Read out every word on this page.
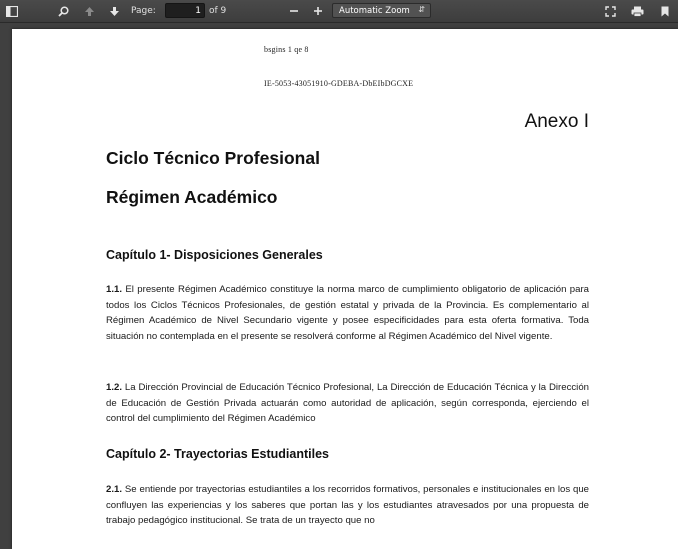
Page:
1	of 9	Automatic Zoom ⇵
bsgins 1 qe 8
IE-5053-43051910-GDEBA-DbEIbDGCXE
Anexo I
Ciclo Técnico Profesional
Régimen Académico
Capítulo 1- Disposiciones Generales
1.1. El presente Régimen Académico constituye la norma marco de cumplimiento obligatorio de aplicación para todos los Ciclos Técnicos Profesionales, de gestión estatal y privada de la Provincia. Es complementario al Régimen Académico de Nivel Secundario vigente y posee especificidades para esta oferta formativa. Toda situación no contemplada en el presente se resolverá conforme al Régimen Académico del Nivel vigente.
1.2. La Dirección Provincial de Educación Técnico Profesional, La Dirección de Educación Técnica y la Dirección de Educación de Gestión Privada actuarán como autoridad de aplicación, según corresponda, ejerciendo el control del cumplimiento del Régimen Académico
Capítulo 2- Trayectorias Estudiantiles
2.1. Se entiende por trayectorias estudiantiles a los recorridos formativos, personales e institucionales en los que confluyen las experiencias y los saberes que portan las y los estudiantes atravesados por una propuesta de trabajo pedagógico institucional. Se trata de un trayecto que no
